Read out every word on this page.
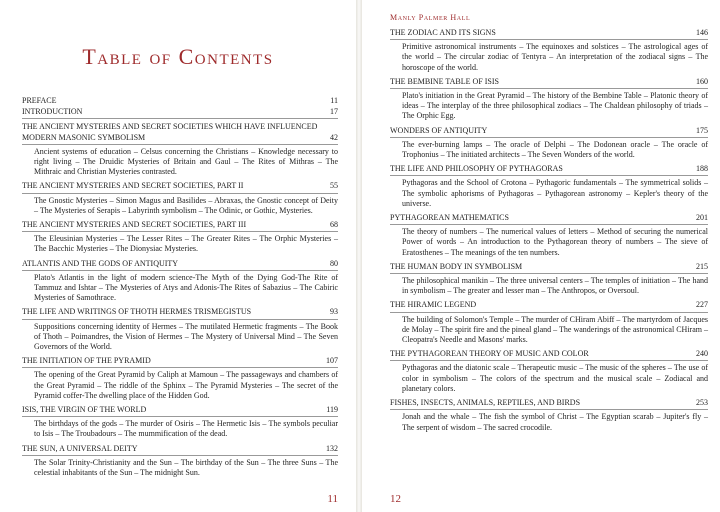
Table of Contents
PREFACE	11
INTRODUCTION	17
THE ANCIENT MYSTERIES AND SECRET SOCIETIES WHICH HAVE INFLUENCED MODERN MASONIC SYMBOLISM	42
Ancient systems of education – Celsus concerning the Christians – Knowledge necessary to right living – The Druidic Mysteries of Britain and Gaul – The Rites of Mithras – The Mithraic and Christian Mysteries contrasted.
THE ANCIENT MYSTERIES AND SECRET SOCIETIES, PART II	55
The Gnostic Mysteries – Simon Magus and Basilides – Abraxas, the Gnostic concept of Deity – The Mysteries of Serapis – Labyrinth symbolism – The Odinic, or Gothic, Mysteries.
THE ANCIENT MYSTERIES AND SECRET SOCIETIES, PART III	68
The Eleusinian Mysteries – The Lesser Rites – The Greater Rites – The Orphic Mysteries – The Bacchic Mysteries – The Dionysiac Mysteries.
ATLANTIS AND THE GODS OF ANTIQUITY	80
Plato's Atlantis in the light of modern science-The Myth of the Dying God-The Rite of Tammuz and Ishtar – The Mysteries of Atys and Adonis-The Rites of Sabazius – The Cabiric Mysteries of Samothrace.
THE LIFE AND WRITINGS OF THOTH HERMES TRISMEGISTUS	93
Suppositions concerning identity of Hermes – The mutilated Hermetic fragments – The Book of Thoth – Poimandres, the Vision of Hermes – The Mystery of Universal Mind – The Seven Governors of the World.
THE INITIATION OF THE PYRAMID	107
The opening of the Great Pyramid by Caliph at Mamoun – The passageways and chambers of the Great Pyramid – The riddle of the Sphinx – The Pyramid Mysteries – The secret of the Pyramid coffer-The dwelling place of the Hidden God.
ISIS, THE VIRGIN OF THE WORLD	119
The birthdays of the gods – The murder of Osiris – The Hermetic Isis – The symbols peculiar to Isis – The Troubadours – The mummification of the dead.
THE SUN, A UNIVERSAL DEITY	132
The Solar Trinity-Christianity and the Sun – The birthday of the Sun – The three Suns – The celestial inhabitants of the Sun – The midnight Sun.
11
Manly Palmer Hall
THE ZODIAC AND ITS SIGNS	146
Primitive astronomical instruments – The equinoxes and solstices – The astrological ages of the world – The circular zodiac of Tentyra – An interpretation of the zodiacal signs – The horoscope of the world.
THE BEMBINE TABLE OF ISIS	160
Plato's initiation in the Great Pyramid – The history of the Bembine Table – Platonic theory of ideas – The interplay of the three philosophical zodiacs – The Chaldean philosophy of triads – The Orphic Egg.
WONDERS OF ANTIQUITY	175
The ever-burning lamps – The oracle of Delphi – The Dodonean oracle – The oracle of Trophonius – The initiated architects – The Seven Wonders of the world.
THE LIFE AND PHILOSOPHY OF PYTHAGORAS	188
Pythagoras and the School of Crotona – Pythagoric fundamentals – The symmetrical solids – The symbolic aphorisms of Pythagoras – Pythagorean astronomy – Kepler's theory of the universe.
PYTHAGOREAN MATHEMATICS	201
The theory of numbers – The numerical values of letters – Method of securing the numerical Power of words – An introduction to the Pythagorean theory of numbers – The sieve of Eratosthenes – The meanings of the ten numbers.
THE HUMAN BODY IN SYMBOLISM	215
The philosophical manikin – The three universal centers – The temples of initiation – The hand in symbolism – The greater and lesser man – The Anthropos, or Oversoul.
THE HIRAMIC LEGEND	227
The building of Solomon's Temple – The murder of CHiram Abiff – The martyrdom of Jacques de Molay – The spirit fire and the pineal gland – The wanderings of the astronomical CHiram – Cleopatra's Needle and Masons' marks.
THE PYTHAGOREAN THEORY OF MUSIC AND COLOR	240
Pythagoras and the diatonic scale – Therapeutic music – The music of the spheres – The use of color in symbolism – The colors of the spectrum and the musical scale – Zodiacal and planetary colors.
FISHES, INSECTS, ANIMALS, REPTILES, AND BIRDS	253
Jonah and the whale – The fish the symbol of Christ – The Egyptian scarab – Jupiter's fly – The serpent of wisdom – The sacred crocodile.
12
